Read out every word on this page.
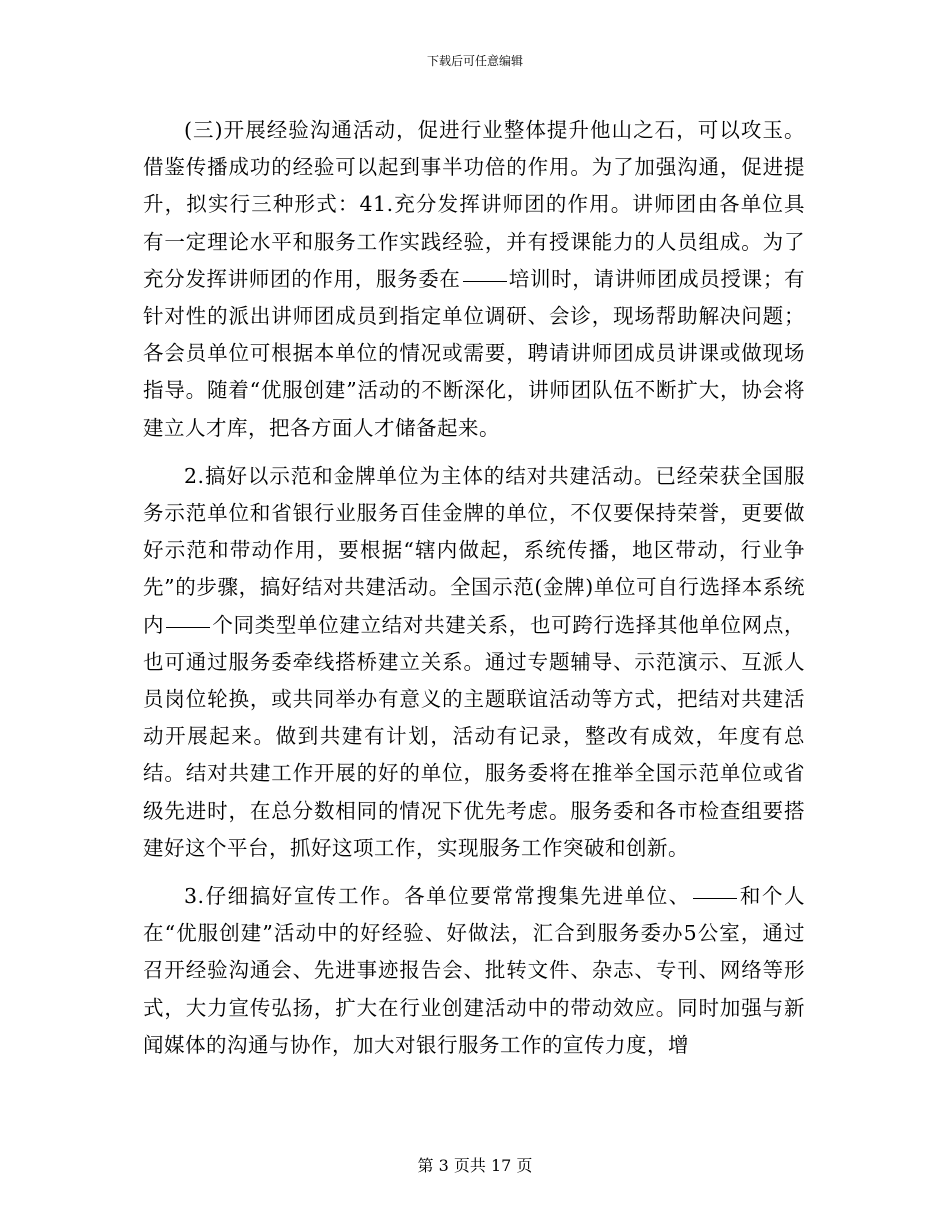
下载后可任意编辑

(三)开展经验沟通活动，促进行业整体提升他山之石，可以攻玉。借鉴传播成功的经验可以起到事半功倍的作用。为了加强沟通，促进提升，拟实行三种形式：41.充分发挥讲师团的作用。讲师团由各单位具有一定理论水平和服务工作实践经验，并有授课能力的人员组成。为了充分发挥讲师团的作用，服务委在 培训时，请讲师团成员授课；有针对性的派出讲师团成员到指定单位调研、会诊，现场帮助解决问题；各会员单位可根据本单位的情况或需要，聘请讲师团成员讲课或做现场指导。随着“优服创建”活动的不断深化，讲师团队伍不断扩大，协会将建立人才库，把各方面人才储备起来。

2.搞好以示范和金牌单位为主体的结对共建活动。已经荣获全国服务示范单位和省银行业服务百佳金牌的单位，不仅要保持荣誉，更要做好示范和带动作用，要根据“辖内做起，系统传播，地区带动，行业争先”的步骤，搞好结对共建活动。全国示范(金牌)单位可自行选择本系统内 个同类型单位建立结对共建关系，也可跨行选择其他单位网点，也可通过服务委牵线搭桥建立关系。通过专题辅导、示范演示、互派人员岗位轮换，或共同举办有意义的主题联谊活动等方式，把结对共建活动开展起来。做到共建有计划，活动有记录，整改有成效，年度有总结。结对共建工作开展的好的单位，服务委将在推举全国示范单位或省级先进时，在总分数相同的情况下优先考虑。服务委和各市检查组要搭建好这个平台，抓好这项工作，实现服务工作突破和创新。

3.仔细搞好宣传工作。各单位要常常搜集先进单位、 和个人在“优服创建”活动中的好经验、好做法，汇合到服务委办5公室，通过召开经验沟通会、先进事迹报告会、批转文件、杂志、专刊、网络等形式，大力宣传弘扬，扩大在行业创建活动中的带动效应。同时加强与新闻媒体的沟通与协作，加大对银行服务工作的宣传力度，增

第 3 页共 17 页
